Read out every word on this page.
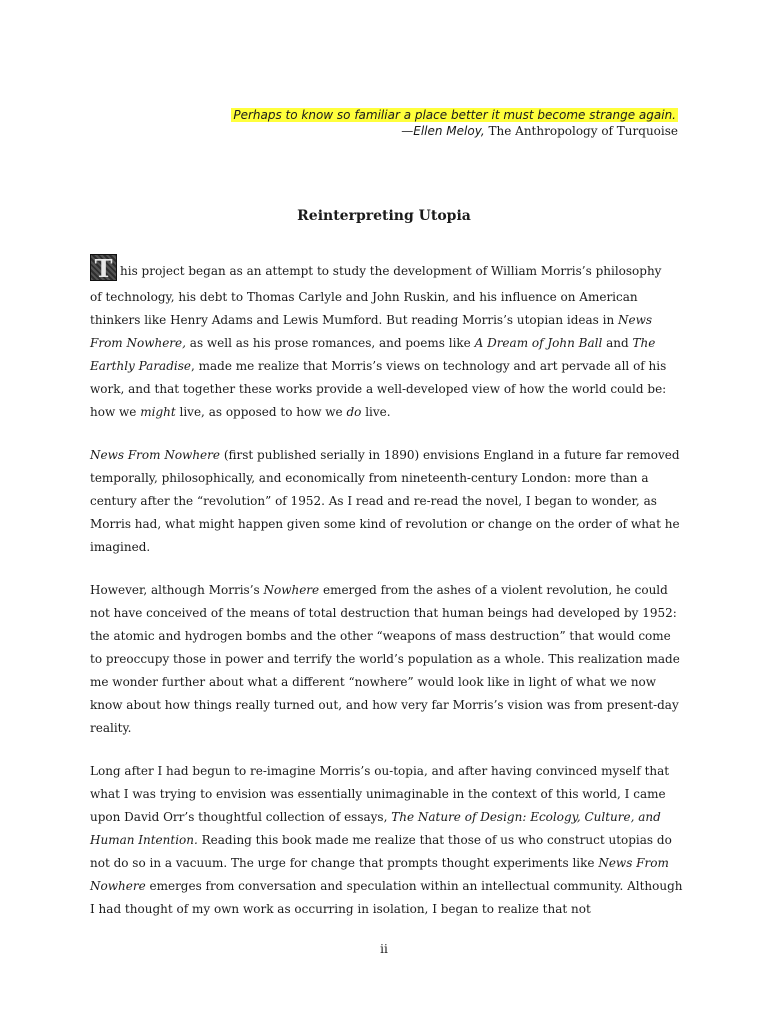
Perhaps to know so familiar a place better it must become strange again.
—Ellen Meloy, The Anthropology of Turquoise
Reinterpreting Utopia

T his project began as an attempt to study the development of William Morris’s philosophy
of technology, his debt to Thomas Carlyle and John Ruskin, and his influence on American thinkers like Henry Adams and Lewis Mumford. But reading Morris’s utopian ideas in News From Nowhere, as well as his prose romances, and poems like A Dream of John Ball and The Earthly Paradise, made me realize that Morris’s views on technology and art pervade all of his work, and that together these works provide a well-developed view of how the world could be: how we might live, as opposed to how we do live.

News From Nowhere (first published serially in 1890) envisions England in a future far removed temporally, philosophically, and economically from nineteenth-century London: more than a century after the “revolution” of 1952. As I read and re-read the novel, I began to wonder, as Morris had, what might happen given some kind of revolution or change on the order of what he imagined.

However, although Morris’s Nowhere emerged from the ashes of a violent revolution, he could not have conceived of the means of total destruction that human beings had developed by 1952: the atomic and hydrogen bombs and the other “weapons of mass destruction” that would come to preoccupy those in power and terrify the world’s population as a whole. This realization made me wonder further about what a different “nowhere” would look like in light of what we now know about how things really turned out, and how very far Morris’s vision was from present-day reality.

Long after I had begun to re-imagine Morris’s ou-topia, and after having convinced myself that what I was trying to envision was essentially unimaginable in the context of this world, I came upon David Orr’s thoughtful collection of essays, The Nature of Design: Ecology, Culture, and Human Intention. Reading this book made me realize that those of us who construct utopias do not do so in a vacuum. The urge for change that prompts thought experiments like News From Nowhere emerges from conversation and speculation within an intellectual community. Although I had thought of my own work as occurring in isolation, I began to realize that not

ii
